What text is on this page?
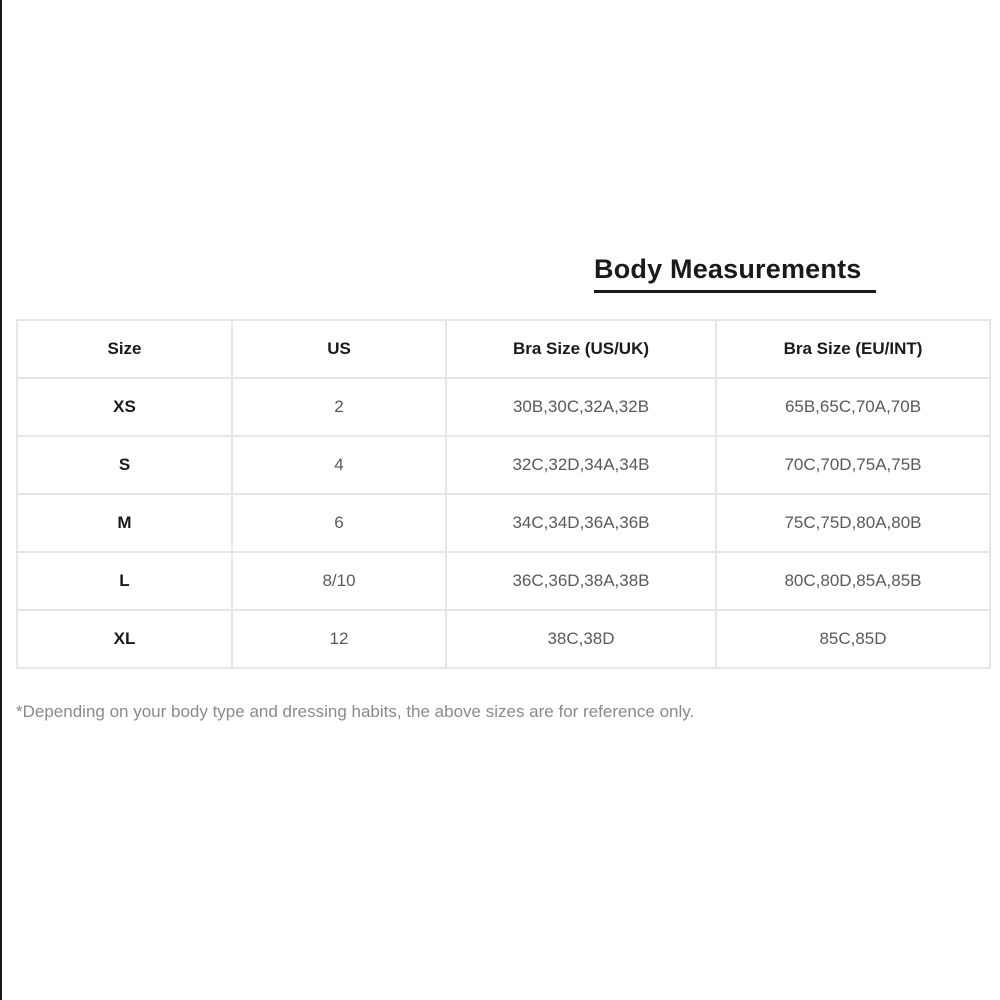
Body Measurements
Size	US	Bra Size (US/UK)	Bra Size (EU/INT)
XS	2	30B,30C,32A,32B	65B,65C,70A,70B
S	4	32C,32D,34A,34B	70C,70D,75A,75B
M	6	34C,34D,36A,36B	75C,75D,80A,80B
L	8/10	36C,36D,38A,38B	80C,80D,85A,85B
XL	12	38C,38D	85C,85D
*Depending on your body type and dressing habits, the above sizes are for reference only.
